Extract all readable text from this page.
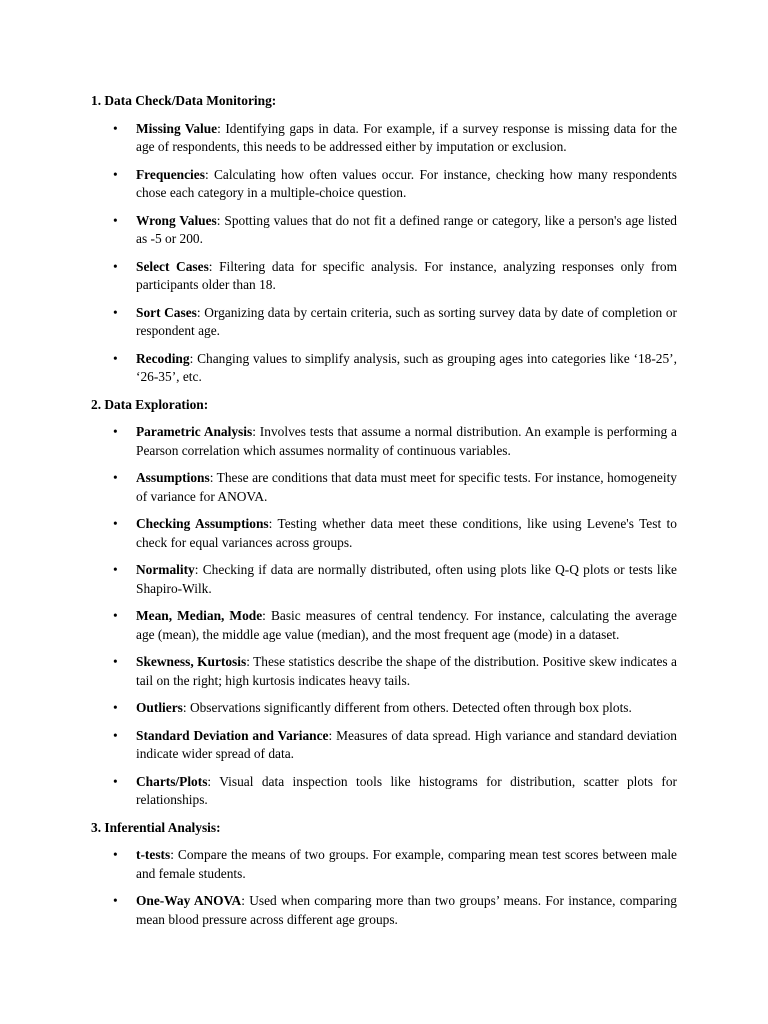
1. Data Check/Data Monitoring:
• Missing Value: Identifying gaps in data. For example, if a survey response is missing data for the age of respondents, this needs to be addressed either by imputation or exclusion.
• Frequencies: Calculating how often values occur. For instance, checking how many respondents chose each category in a multiple-choice question.
• Wrong Values: Spotting values that do not fit a defined range or category, like a person's age listed as -5 or 200.
• Select Cases: Filtering data for specific analysis. For instance, analyzing responses only from participants older than 18.
• Sort Cases: Organizing data by certain criteria, such as sorting survey data by date of completion or respondent age.
• Recoding: Changing values to simplify analysis, such as grouping ages into categories like ‘18-25’, ‘26-35’, etc.
2. Data Exploration:
• Parametric Analysis: Involves tests that assume a normal distribution. An example is performing a Pearson correlation which assumes normality of continuous variables.
• Assumptions: These are conditions that data must meet for specific tests. For instance, homogeneity of variance for ANOVA.
• Checking Assumptions: Testing whether data meet these conditions, like using Levene's Test to check for equal variances across groups.
• Normality: Checking if data are normally distributed, often using plots like Q-Q plots or tests like Shapiro-Wilk.
• Mean, Median, Mode: Basic measures of central tendency. For instance, calculating the average age (mean), the middle age value (median), and the most frequent age (mode) in a dataset.
• Skewness, Kurtosis: These statistics describe the shape of the distribution. Positive skew indicates a tail on the right; high kurtosis indicates heavy tails.
• Outliers: Observations significantly different from others. Detected often through box plots.
• Standard Deviation and Variance: Measures of data spread. High variance and standard deviation indicate wider spread of data.
• Charts/Plots: Visual data inspection tools like histograms for distribution, scatter plots for relationships.
3. Inferential Analysis:
• t-tests: Compare the means of two groups. For example, comparing mean test scores between male and female students.
• One-Way ANOVA: Used when comparing more than two groups’ means. For instance, comparing mean blood pressure across different age groups.
